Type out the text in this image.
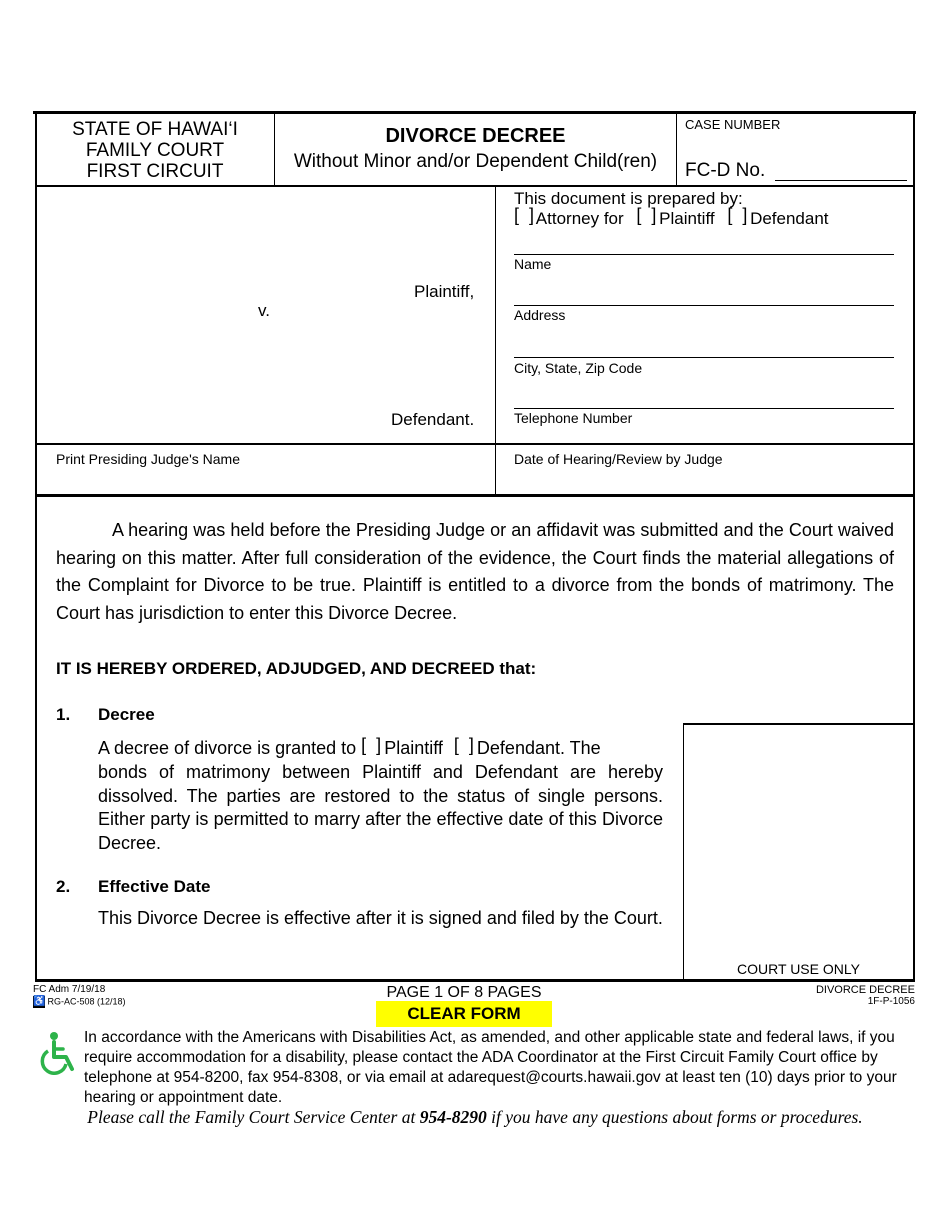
STATE OF HAWAI‘I
FAMILY COURT
FIRST CIRCUIT
DIVORCE DECREE
Without Minor and/or Dependent Child(ren)
CASE NUMBER
FC-D No.
Plaintiff,
v.
Defendant.
This document is prepared by:
[  ] Attorney for [  ] Plaintiff [  ] Defendant
Name
Address
City, State, Zip Code
Telephone Number
Print Presiding Judge's Name	Date of Hearing/Review by Judge
A hearing was held before the Presiding Judge or an affidavit was submitted and the Court waived hearing on this matter. After full consideration of the evidence, the Court finds the material allegations of the Complaint for Divorce to be true. Plaintiff is entitled to a divorce from the bonds of matrimony. The Court has jurisdiction to enter this Divorce Decree.
IT IS HEREBY ORDERED, ADJUDGED, AND DECREED that:
1. Decree
A decree of divorce is granted to [  ] Plaintiff [  ] Defendant. The
bonds of matrimony between Plaintiff and Defendant are hereby dissolved. The parties are restored to the status of single persons. Either party is permitted to marry after the effective date of this Divorce Decree.
2. Effective Date
This Divorce Decree is effective after it is signed and filed by the Court.
COURT USE ONLY
FC Adm 7/19/18
♿ RG-AC-508 (12/18)
PAGE 1 OF 8 PAGES
CLEAR FORM
DIVORCE DECREE
1F-P-1056
In accordance with the Americans with Disabilities Act, as amended, and other applicable state and federal laws, if you require accommodation for a disability, please contact the ADA Coordinator at the First Circuit Family Court office by telephone at 954-8200, fax 954-8308, or via email at adarequest@courts.hawaii.gov at least ten (10) days prior to your hearing or appointment date.
Please call the Family Court Service Center at 954-8290 if you have any questions about forms or procedures.
